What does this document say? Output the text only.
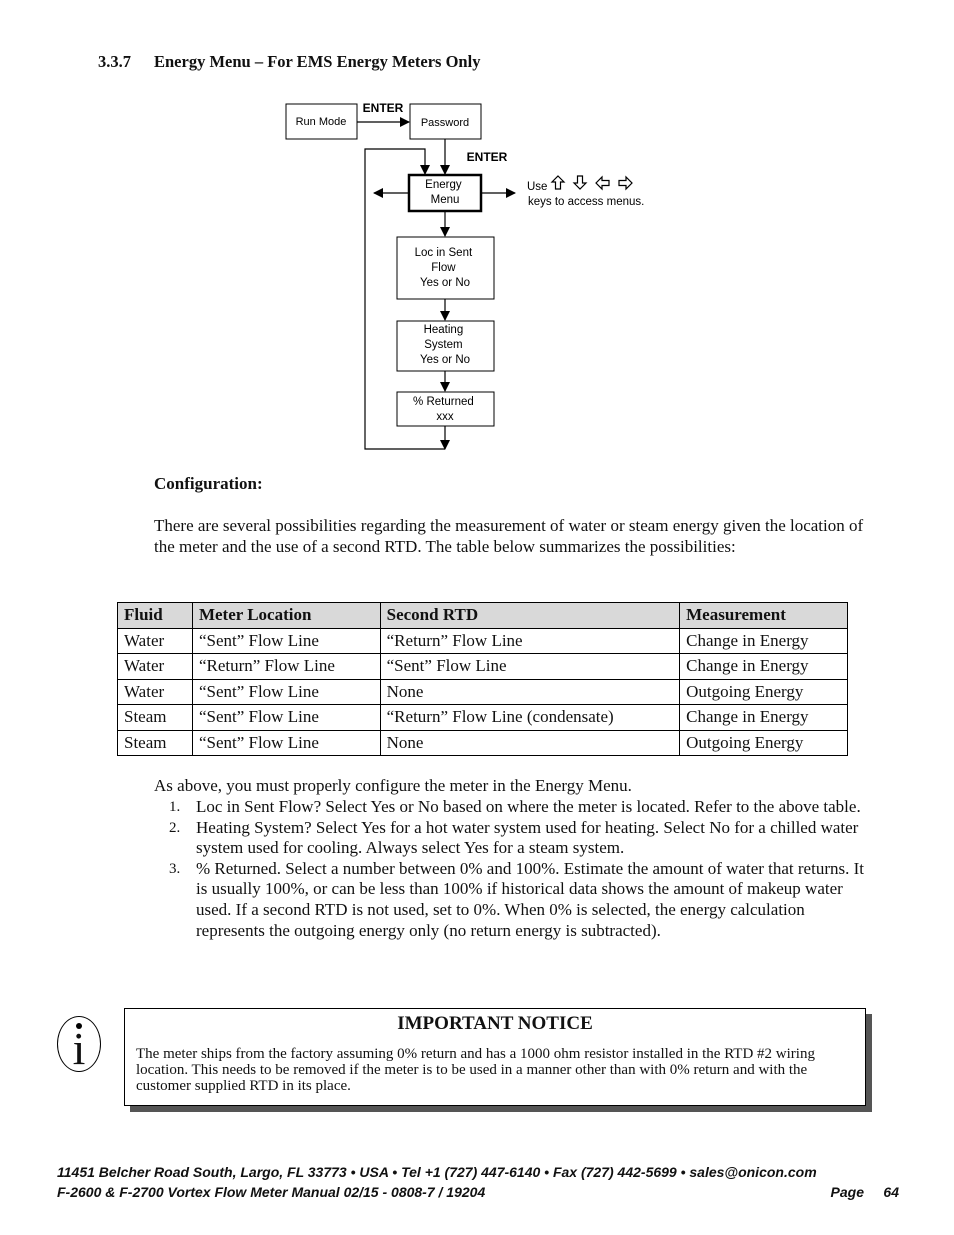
3.3.7 Energy Menu – For EMS Energy Meters Only
Run Mode
ENTER
Password
ENTER
Energy Menu
Use
keys to access menus.
Loc in Sent Flow Yes or No
Heating System Yes or No
% Returned xxx
Configuration:
There are several possibilities regarding the measurement of water or steam energy given the location of the meter and the use of a second RTD. The table below summarizes the possibilities:
Fluid	Meter Location	Second RTD	Measurement
Water	“Sent” Flow Line	“Return” Flow Line	Change in Energy
Water	“Return” Flow Line	“Sent” Flow Line	Change in Energy
Water	“Sent” Flow Line	None	Outgoing Energy
Steam	“Sent” Flow Line	“Return” Flow Line (condensate)	Change in Energy
Steam	“Sent” Flow Line	None	Outgoing Energy
As above, you must properly configure the meter in the Energy Menu.
1. Loc in Sent Flow? Select Yes or No based on where the meter is located. Refer to the above table.
2. Heating System? Select Yes for a hot water system used for heating. Select No for a chilled water system used for cooling. Always select Yes for a steam system.
3. % Returned. Select a number between 0% and 100%. Estimate the amount of water that returns. It is usually 100%, or can be less than 100% if historical data shows the amount of makeup water used. If a second RTD is not used, set to 0%. When 0% is selected, the energy calculation represents the outgoing energy only (no return energy is subtracted).
i	IMPORTANT NOTICE
The meter ships from the factory assuming 0% return and has a 1000 ohm resistor installed in the RTD #2 wiring location. This needs to be removed if the meter is to be used in a manner other than with 0% return and with the customer supplied RTD in its place.
11451 Belcher Road South, Largo, FL 33773 • USA • Tel +1 (727) 447-6140 • Fax (727) 442-5699 • sales@onicon.com
F-2600 & F-2700 Vortex Flow Meter Manual 02/15 - 0808-7 / 19204	Page     64
